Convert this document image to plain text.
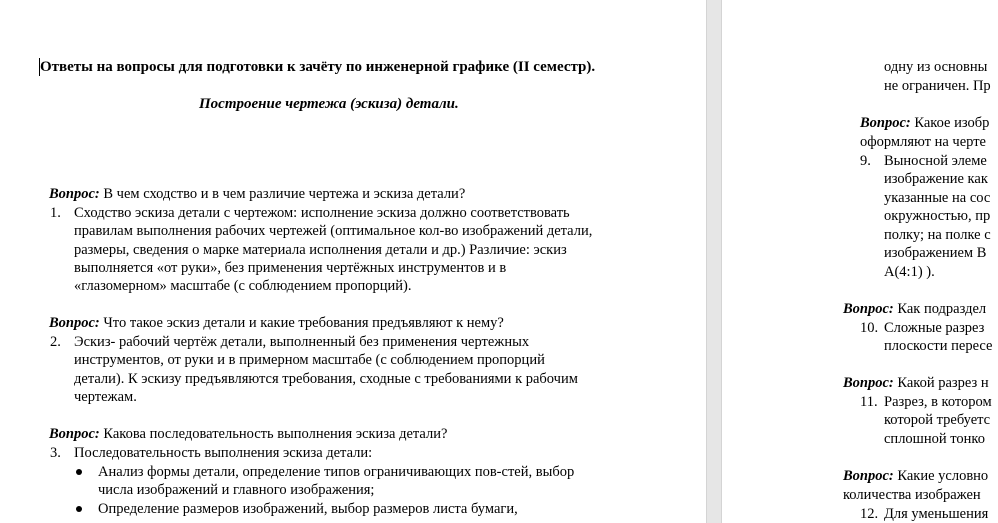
Ответы на вопросы для подготовки к зачёту по инженерной графике (II семестр).
Построение чертежа (эскиза) детали.
Вопрос: В чем сходство и в чем различие чертежа и эскиза детали?
1. Сходство эскиза детали с чертежом: исполнение эскиза должно соответствовать
правилам выполнения рабочих чертежей (оптимальное кол-во изображений детали,
размеры, сведения о марке материала исполнения детали и др.) Различие: эскиз
выполняется «от руки», без применения чертёжных инструментов и в
«глазомерном» масштабе (с соблюдением пропорций).
Вопрос: Что такое эскиз детали и какие требования предъявляют к нему?
2. Эскиз- рабочий чертёж детали, выполненный без применения чертежных
инструментов, от руки и в примерном масштабе (с соблюдением пропорций
детали). К эскизу предъявляются требования, сходные с требованиями к рабочим
чертежам.
Вопрос: Какова последовательность выполнения эскиза детали?
3. Последовательность выполнения эскиза детали:
Анализ формы детали, определение типов ограничивающих пов-стей, выбор
числа изображений и главного изображения;
Определение размеров изображений, выбор размеров листа бумаги,
одну из основны
не ограничен. Пр
Вопрос: Какое изобр
оформляют на черте
9. Выносной элеме
изображение как
указанные на сос
окружностью, пр
полку; на полке с
изображением В
A(4:1) ).
Вопрос: Как подраздел
10. Сложные разрез
плоскости пересе
Вопрос: Какой разрез н
11. Разрез, в котором
которой требуетс
сплошной тонко
Вопрос: Какие условно
количества изображен
12. Для уменьшения
